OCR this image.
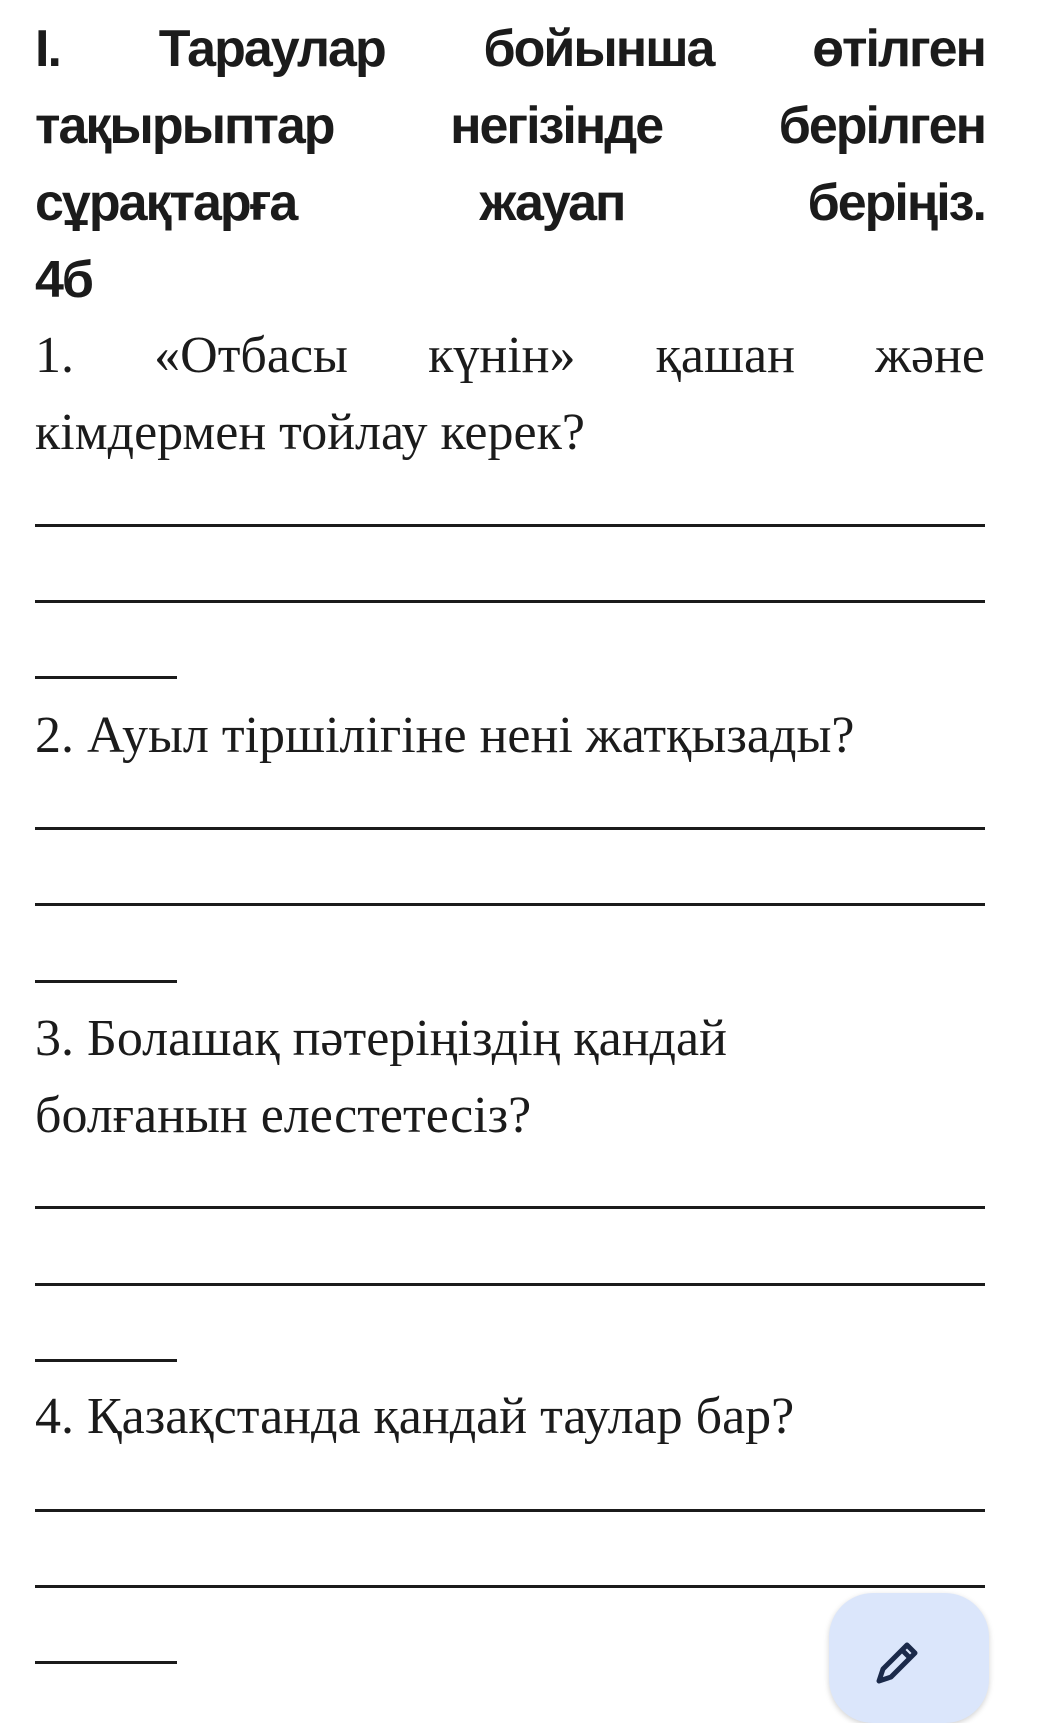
I. Тараулар бойынша өтілген
тақырыптар негізінде берілген
сұрақтарға	жауап	беріңіз.
4б
1. «Отбасы күнін» қашан және
кімдермен тойлау керек?
2. Ауыл тіршілігіне нені жатқызады?
3. Болашақ пәтеріңіздің қандай
болғанын елестетесіз?
4. Қазақстанда қандай таулар бар?
